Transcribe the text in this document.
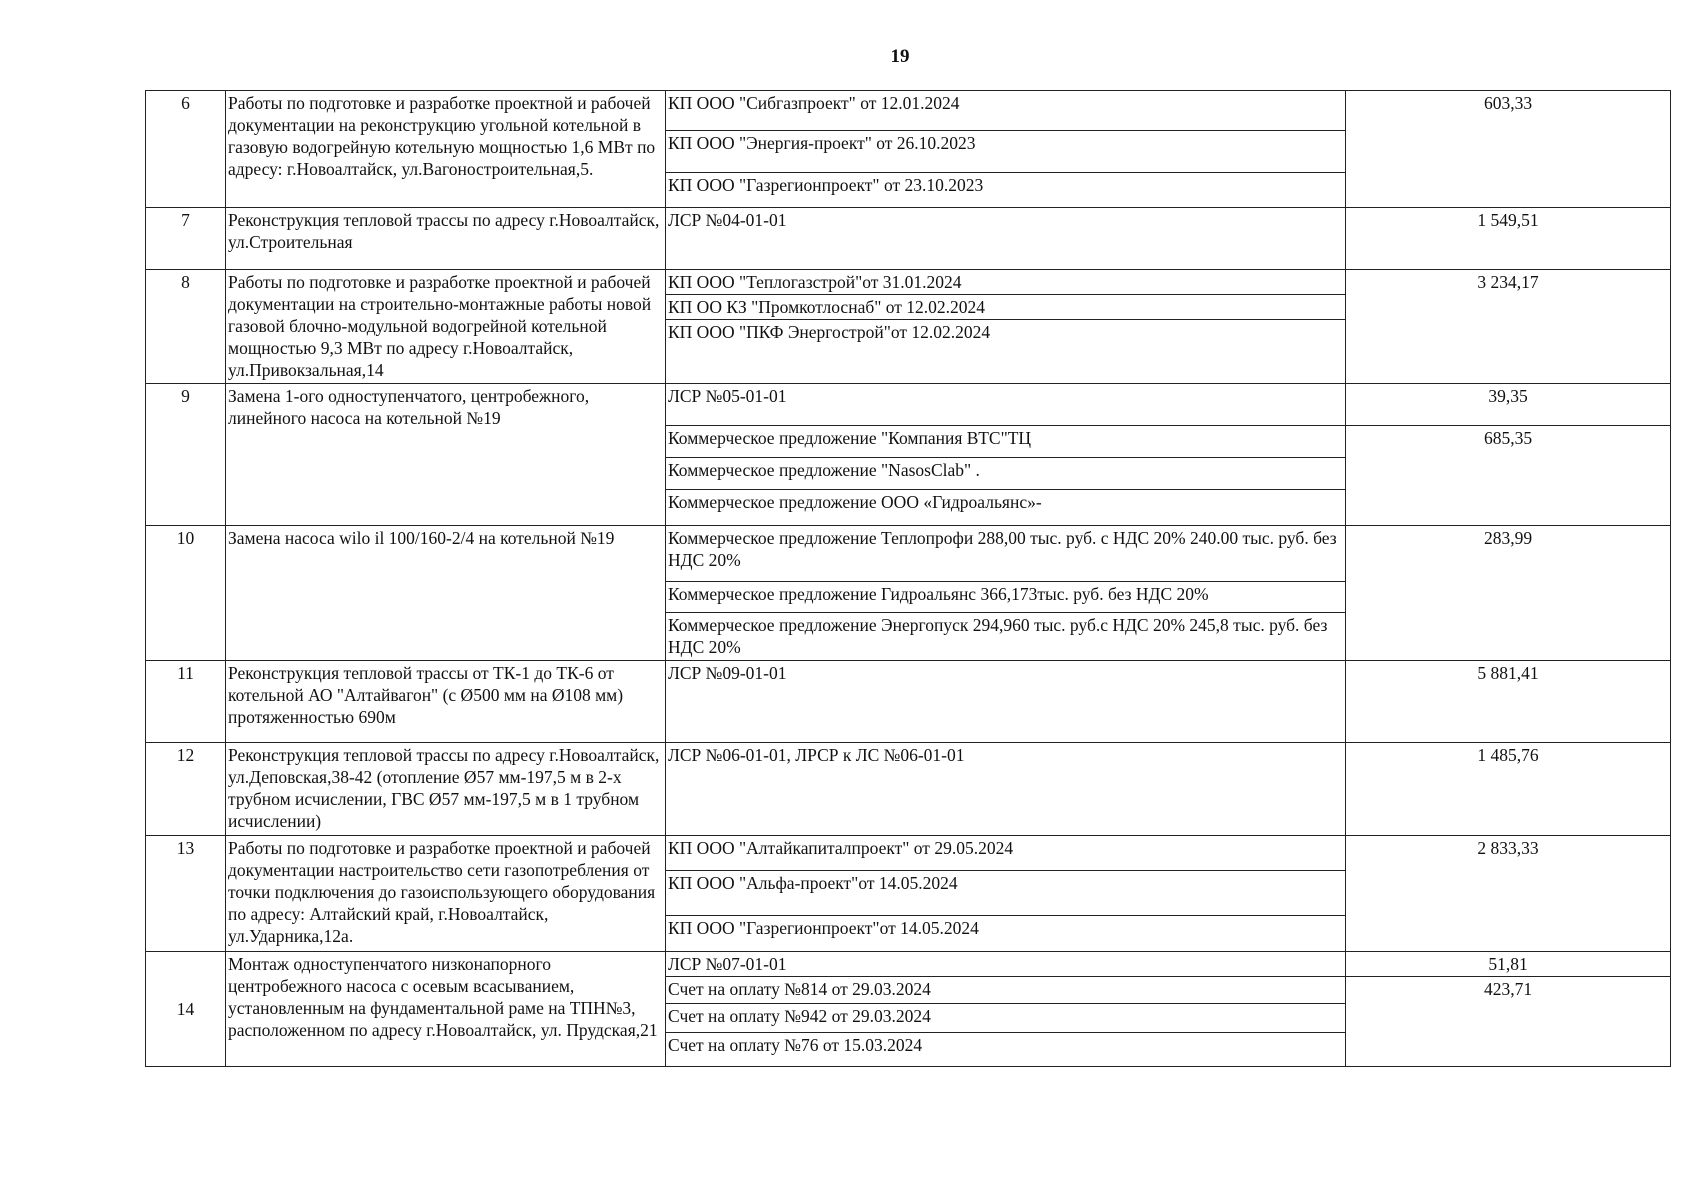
19
6	Работы по подготовке и разработке проектной и рабочей документации на реконструкцию угольной котельной в газовую водогрейную котельную мощностью 1,6 МВт по адресу: г.Новоалтайск, ул.Вагоностроительная,5.	КП ООО "Сибгазпроект" от 12.01.2024	603,33
		КП ООО "Энергия-проект" от 26.10.2023	
		КП ООО "Газрегионпроект" от 23.10.2023	
7	Реконструкция тепловой трассы по адресу г.Новоалтайск, ул.Строительная	ЛСР №04-01-01	1 549,51
8	Работы по подготовке и разработке проектной и рабочей документации на строительно-монтажные работы новой газовой блочно-модульной водогрейной котельной мощностью 9,3 МВт по адресу г.Новоалтайск, ул.Привокзальная,14	КП ООО "Теплогазстрой"от 31.01.2024	3 234,17
		КП ОО КЗ "Промкотлоснаб" от 12.02.2024	
		КП ООО "ПКФ Энергострой"от 12.02.2024	
9	Замена 1-ого одноступенчатого, центробежного, линейного насоса на котельной №19	ЛСР №05-01-01	39,35
		Коммерческое предложение "Компания ВТС"ТЦ	685,35
		Коммерческое предложение "NasosClab" .	
		Коммерческое предложение ООО «Гидроальянс»-	
10	Замена насоса wilo il 100/160-2/4 на котельной №19	Коммерческое предложение Теплопрофи 288,00 тыс. руб. с НДС 20% 240.00 тыс. руб. без НДС 20%	283,99
		Коммерческое предложение Гидроальянс 366,173тыс. руб. без НДС 20%	
		Коммерческое предложение Энергопуск 294,960 тыс. руб.с НДС 20% 245,8 тыс. руб. без НДС 20%	
11	Реконструкция тепловой трассы от ТК-1 до ТК-6 от котельной АО "Алтайвагон" (с Ø500 мм на Ø108 мм) протяженностью 690м	ЛСР №09-01-01	5 881,41
12	Реконструкция тепловой трассы по адресу г.Новоалтайск, ул.Деповская,38-42 (отопление Ø57 мм-197,5 м в 2-х трубном исчислении, ГВС Ø57 мм-197,5 м в 1 трубном исчислении)	ЛСР №06-01-01, ЛРСР к ЛС №06-01-01	1 485,76
13	Работы по подготовке и разработке проектной и рабочей документации настроительство сети газопотребления от точки подключения до газоиспользующего оборудования по адресу: Алтайский край, г.Новоалтайск, ул.Ударника,12а.	КП ООО "Алтайкапиталпроект" от 29.05.2024	2 833,33
		КП ООО "Альфа-проект"от 14.05.2024	
		КП ООО "Газрегионпроект"от 14.05.2024	
14	Монтаж одноступенчатого низконапорного центробежного насоса с осевым всасыванием, установленным на фундаментальной раме на ТПН№3, расположенном по адресу г.Новоалтайск, ул. Прудская,21	ЛСР №07-01-01	51,81
		Счет на оплату №814 от 29.03.2024	423,71
		Счет на оплату №942 от 29.03.2024	
		Счет на оплату №76 от 15.03.2024	
